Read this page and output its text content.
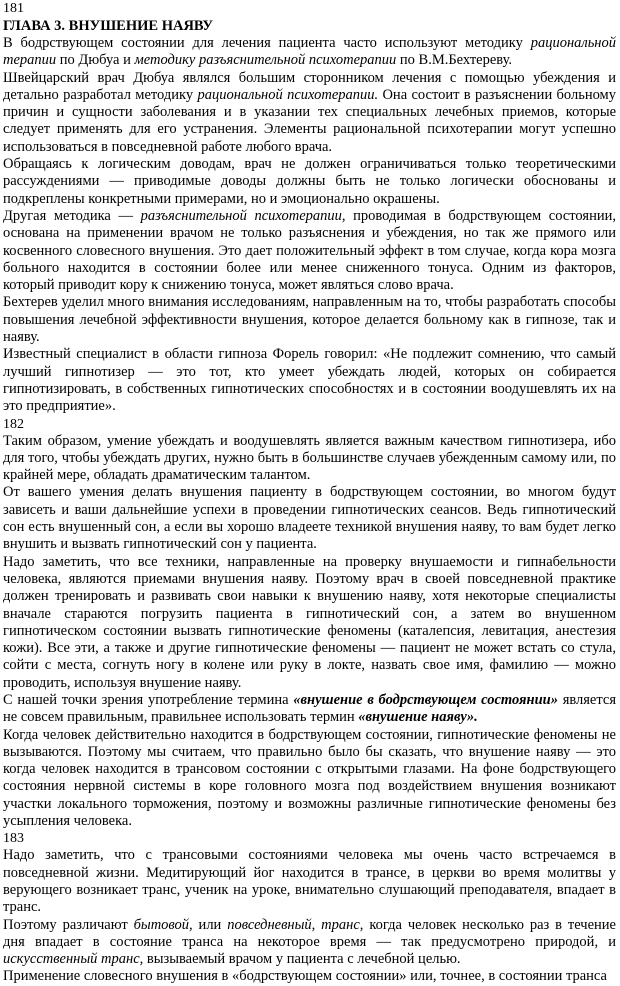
181
ГЛАВА 3. ВНУШЕНИЕ НАЯВУ

В бодрствующем состоянии для лечения пациента часто используют методику рациональной терапии по Дюбуа и методику разъяснительной психотерапии по В.М.Бехтереву.

Швейцарский врач Дюбуа являлся большим сторонником лечения с помощью убеждения и детально разработал методику рациональной психотерапии. Она состоит в разъяснении больному причин и сущности заболевания и в указании тех специальных лечебных приемов, которые следует применять для его устранения. Элементы рациональной психотерапии могут успешно использоваться в повседневной работе любого врача.

Обращаясь к логическим доводам, врач не должен ограничиваться только теоретическими рассуждениями — приводимые доводы должны быть не только логически обоснованы и подкреплены конкретными примерами, но и эмоционально окрашены.

Другая методика — разъяснительной психотерапии, проводимая в бодрствующем состоянии, основана на применении врачом не только разъяснения и убеждения, но так же прямого или косвенного словесного внушения. Это дает положительный эффект в том случае, когда кора мозга больного находится в состоянии более или менее сниженного тонуса. Одним из факторов, который приводит кору к снижению тонуса, может являться слово врача.

Бехтерев уделил много внимания исследованиям, направленным на то, чтобы разработать способы повышения лечебной эффективности внушения, которое делается больному как в гипнозе, так и наяву.

Известный специалист в области гипноза Форель говорил: «Не подлежит сомнению, что самый лучший гипнотизер — это тот, кто умеет убеждать людей, которых он собирается гипнотизировать, в собственных гипнотических способностях и в состоянии воодушевлять их на это предприятие».

182

Таким образом, умение убеждать и воодушевлять является важным качеством гипнотизера, ибо для того, чтобы убеждать других, нужно быть в большинстве случаев убежденным самому или, по крайней мере, обладать драматическим талантом.

От вашего умения делать внушения пациенту в бодрствующем состоянии, во многом будут зависеть и ваши дальнейшие успехи в проведении гипнотических сеансов. Ведь гипнотический сон есть внушенный сон, а если вы хорошо владеете техникой внушения наяву, то вам будет легко внушить и вызвать гипнотический сон у пациента.

Надо заметить, что все техники, направленные на проверку внушаемости и гипнабельности человека, являются приемами внушения наяву. Поэтому врач в своей повседневной практике должен тренировать и развивать свои навыки к внушению наяву, хотя некоторые специалисты вначале стараются погрузить пациента в гипнотический сон, а затем во внушенном гипнотическом состоянии вызвать гипнотические феномены (каталепсия, левитация, анестезия кожи). Все эти, а также и другие гипнотические феномены — пациент не может встать со стула, сойти с места, согнуть ногу в колене или руку в локте, назвать свое имя, фамилию — можно проводить, используя внушение наяву.

С нашей точки зрения употребление термина «внушение в бодрствующем состоянии» является не совсем правильным, правильнее использовать термин «внушение наяву».

Когда человек действительно находится в бодрствующем состоянии, гипнотические феномены не вызываются. Поэтому мы считаем, что правильно было бы сказать, что внушение наяву — это когда человек находится в трансовом состоянии с открытыми глазами. На фоне бодрствующего состояния нервной системы в коре головного мозга под воздействием внушения возникают участки локального торможения, поэтому и возможны различные гипнотические феномены без усыпления человека.

183

Надо заметить, что с трансовыми состояниями человека мы очень часто встречаемся в повседневной жизни. Медитирующий йог находится в трансе, в церкви во время молитвы у верующего возникает транс, ученик на уроке, внимательно слушающий преподавателя, впадает в транс.

Поэтому различают бытовой, или повседневный, транс, когда человек несколько раз в течение дня впадает в состояние транса на некоторое время — так предусмотрено природой, и искусственный транс, вызываемый врачом у пациента с лечебной целью.

Применение словесного внушения в «бодрствующем состоянии» или, точнее, в состоянии транса
